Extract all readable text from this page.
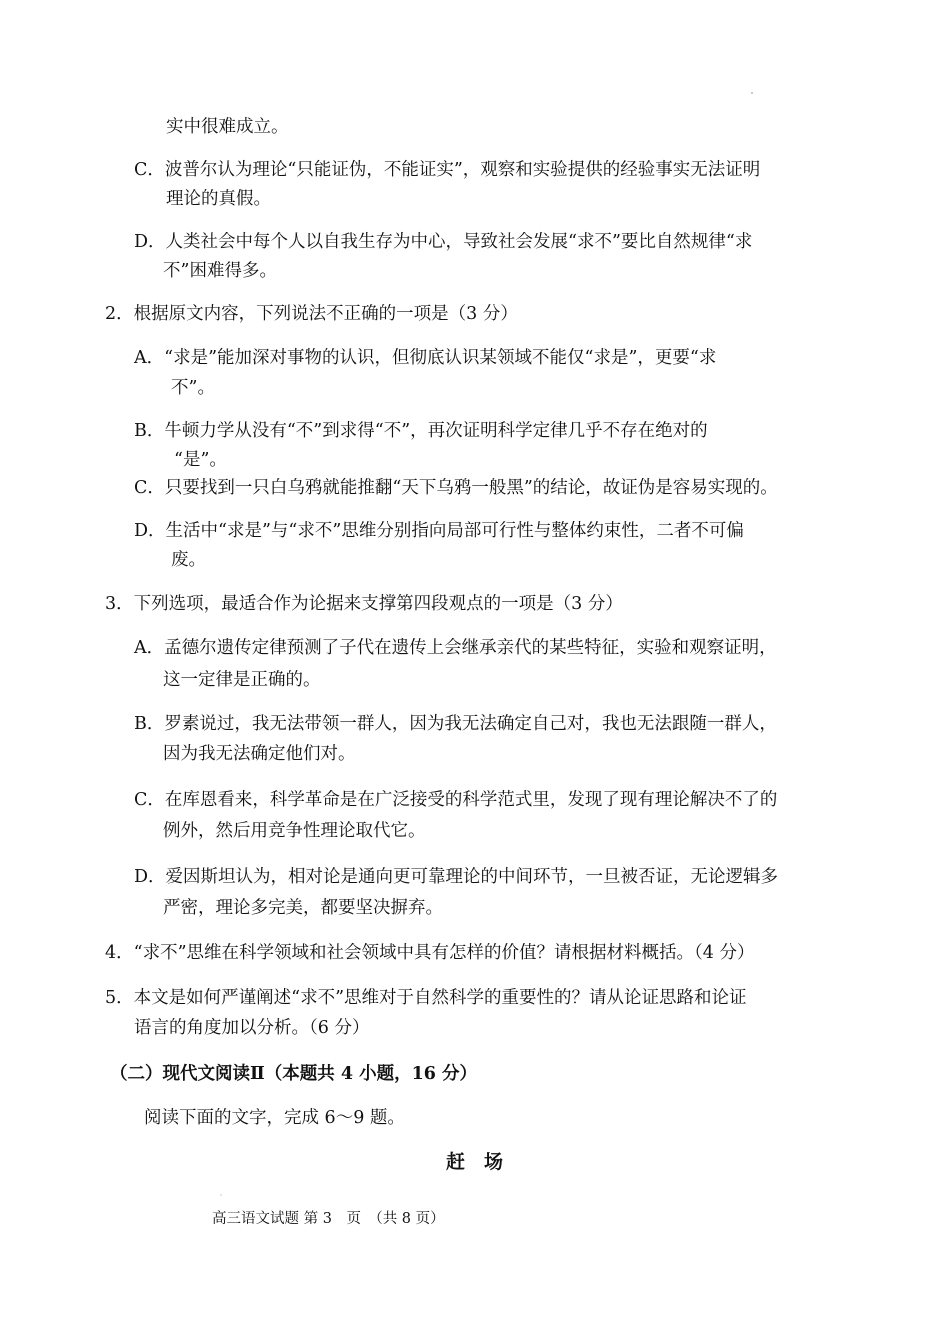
实中很难成立。
C．波普尔认为理论“只能证伪，不能证实”，观察和实验提供的经验事实无法证明
理论的真假。
D．人类社会中每个人以自我生存为中心，导致社会发展“求不”要比自然规律“求
不”困难得多。
2．根据原文内容，下列说法不正确的一项是（3 分）
A．“求是”能加深对事物的认识，但彻底认识某领域不能仅“求是”，更要“求
不”。
B．牛顿力学从没有“不”到求得“不”，再次证明科学定律几乎不存在绝对的
“是”。
C．只要找到一只白乌鸦就能推翻“天下乌鸦一般黑”的结论，故证伪是容易实现的。
D．生活中“求是”与“求不”思维分别指向局部可行性与整体约束性，二者不可偏
废。
3．下列选项，最适合作为论据来支撑第四段观点的一项是（3 分）
A．孟德尔遗传定律预测了子代在遗传上会继承亲代的某些特征，实验和观察证明，
这一定律是正确的。
B．罗素说过，我无法带领一群人，因为我无法确定自己对，我也无法跟随一群人，
因为我无法确定他们对。
C．在库恩看来，科学革命是在广泛接受的科学范式里，发现了现有理论解决不了的
例外，然后用竞争性理论取代它。
D．爱因斯坦认为，相对论是通向更可靠理论的中间环节，一旦被否证，无论逻辑多
严密，理论多完美，都要坚决摒弃。
4．“求不”思维在科学领域和社会领域中具有怎样的价值？请根据材料概括。（4 分）
5．本文是如何严谨阐述“求不”思维对于自然科学的重要性的？请从论证思路和论证
语言的角度加以分析。（6 分）
（二）现代文阅读Ⅱ（本题共 4 小题，16 分）
阅读下面的文字，完成 6～9 题。
赶　场
高三语文试题 第 3　页　（共 8 页）
